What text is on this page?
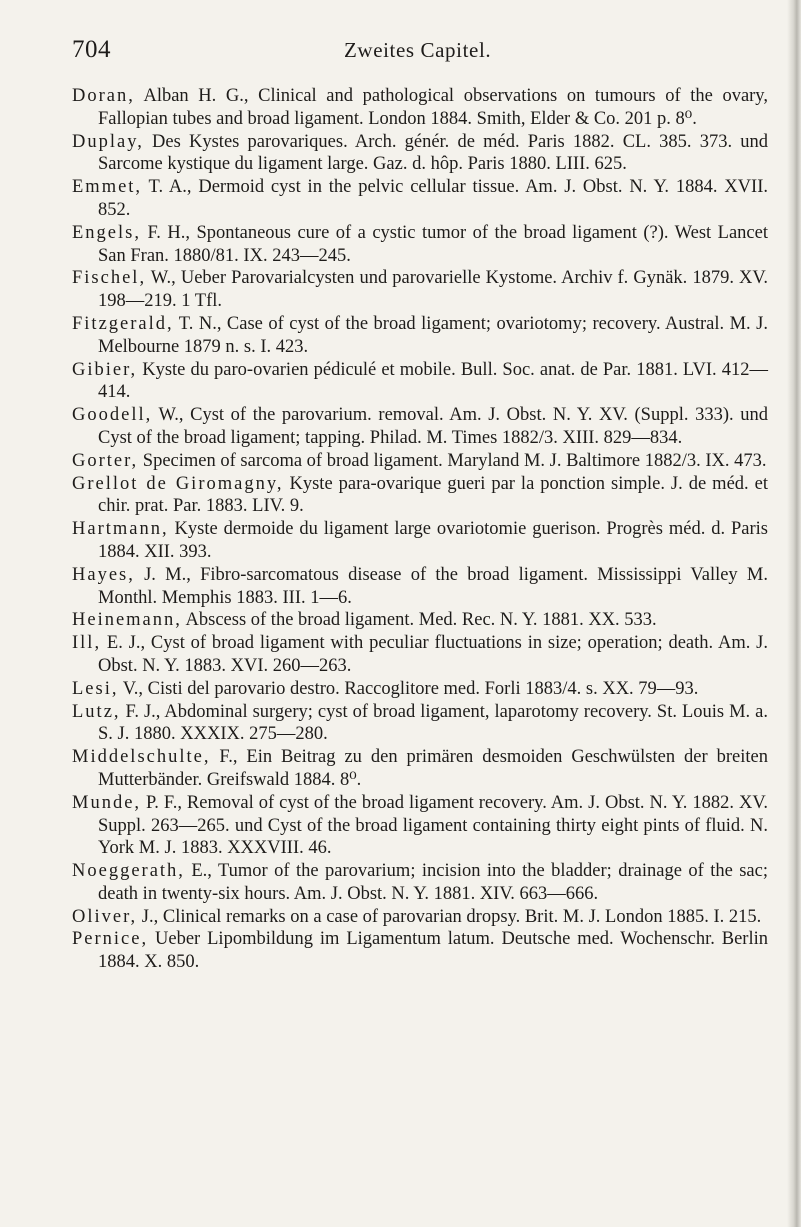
704	Zweites Capitel.
Doran, Alban H. G., Clinical and pathological observations on tumours of the ovary, Fallopian tubes and broad ligament. London 1884. Smith, Elder & Co. 201 p. 8⁰.
Duplay, Des Kystes parovariques. Arch. génér. de méd. Paris 1882. CL. 385. 373. und Sarcome kystique du ligament large. Gaz. d. hôp. Paris 1880. LIII. 625.
Emmet, T. A., Dermoid cyst in the pelvic cellular tissue. Am. J. Obst. N. Y. 1884. XVII. 852.
Engels, F. H., Spontaneous cure of a cystic tumor of the broad ligament (?). West Lancet San Fran. 1880/81. IX. 243—245.
Fischel, W., Ueber Parovarialcysten und parovarielle Kystome. Archiv f. Gynäk. 1879. XV. 198—219. 1 Tfl.
Fitzgerald, T. N., Case of cyst of the broad ligament; ovariotomy; recovery. Austral. M. J. Melbourne 1879 n. s. I. 423.
Gibier, Kyste du paro-ovarien pédiculé et mobile. Bull. Soc. anat. de Par. 1881. LVI. 412—414.
Goodell, W., Cyst of the parovarium. removal. Am. J. Obst. N. Y. XV. (Suppl. 333). und Cyst of the broad ligament; tapping. Philad. M. Times 1882/3. XIII. 829—834.
Gorter, Specimen of sarcoma of broad ligament. Maryland M. J. Baltimore 1882/3. IX. 473.
Grellot de Giromagny, Kyste para-ovarique gueri par la ponction simple. J. de méd. et chir. prat. Par. 1883. LIV. 9.
Hartmann, Kyste dermoide du ligament large ovariotomie guerison. Progrès méd. d. Paris 1884. XII. 393.
Hayes, J. M., Fibro-sarcomatous disease of the broad ligament. Mississippi Valley M. Monthl. Memphis 1883. III. 1—6.
Heinemann, Abscess of the broad ligament. Med. Rec. N. Y. 1881. XX. 533.
Ill, E. J., Cyst of broad ligament with peculiar fluctuations in size; operation; death. Am. J. Obst. N. Y. 1883. XVI. 260—263.
Lesi, V., Cisti del parovario destro. Raccoglitore med. Forli 1883/4. s. XX. 79—93.
Lutz, F. J., Abdominal surgery; cyst of broad ligament, laparotomy recovery. St. Louis M. a. S. J. 1880. XXXIX. 275—280.
Middelschulte, F., Ein Beitrag zu den primären desmoiden Geschwülsten der breiten Mutterbänder. Greifswald 1884. 8⁰.
Munde, P. F., Removal of cyst of the broad ligament recovery. Am. J. Obst. N. Y. 1882. XV. Suppl. 263—265. und Cyst of the broad ligament containing thirty eight pints of fluid. N. York M. J. 1883. XXXVIII. 46.
Noeggerath, E., Tumor of the parovarium; incision into the bladder; drainage of the sac; death in twenty-six hours. Am. J. Obst. N. Y. 1881. XIV. 663—666.
Oliver, J., Clinical remarks on a case of parovarian dropsy. Brit. M. J. London 1885. I. 215.
Pernice, Ueber Lipombildung im Ligamentum latum. Deutsche med. Wochenschr. Berlin 1884. X. 850.
